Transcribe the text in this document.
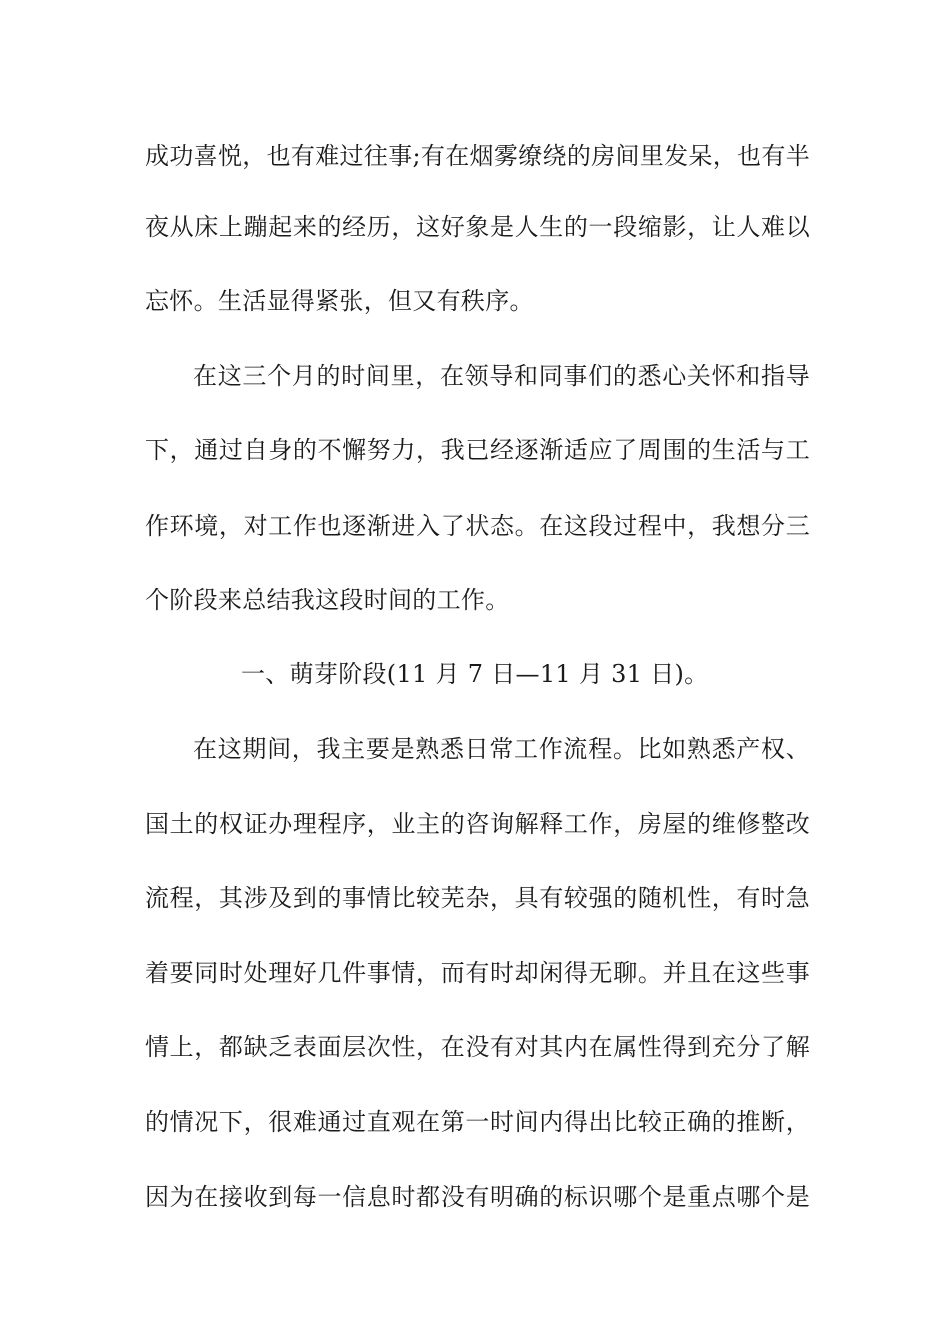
成功喜悦，也有难过往事;有在烟雾缭绕的房间里发呆，也有半
夜从床上蹦起来的经历，这好象是人生的一段缩影，让人难以
忘怀。生活显得紧张，但又有秩序。
在这三个月的时间里，在领导和同事们的悉心关怀和指导
下，通过自身的不懈努力，我已经逐渐适应了周围的生活与工
作环境，对工作也逐渐进入了状态。在这段过程中，我想分三
个阶段来总结我这段时间的工作。
一、萌芽阶段(11 月 7 日—11 月 31 日)。
在这期间，我主要是熟悉日常工作流程。比如熟悉产权、
国土的权证办理程序，业主的咨询解释工作，房屋的维修整改
流程，其涉及到的事情比较芜杂，具有较强的随机性，有时急
着要同时处理好几件事情，而有时却闲得无聊。并且在这些事
情上，都缺乏表面层次性，在没有对其内在属性得到充分了解
的情况下，很难通过直观在第一时间内得出比较正确的推断，
因为在接收到每一信息时都没有明确的标识哪个是重点哪个是
